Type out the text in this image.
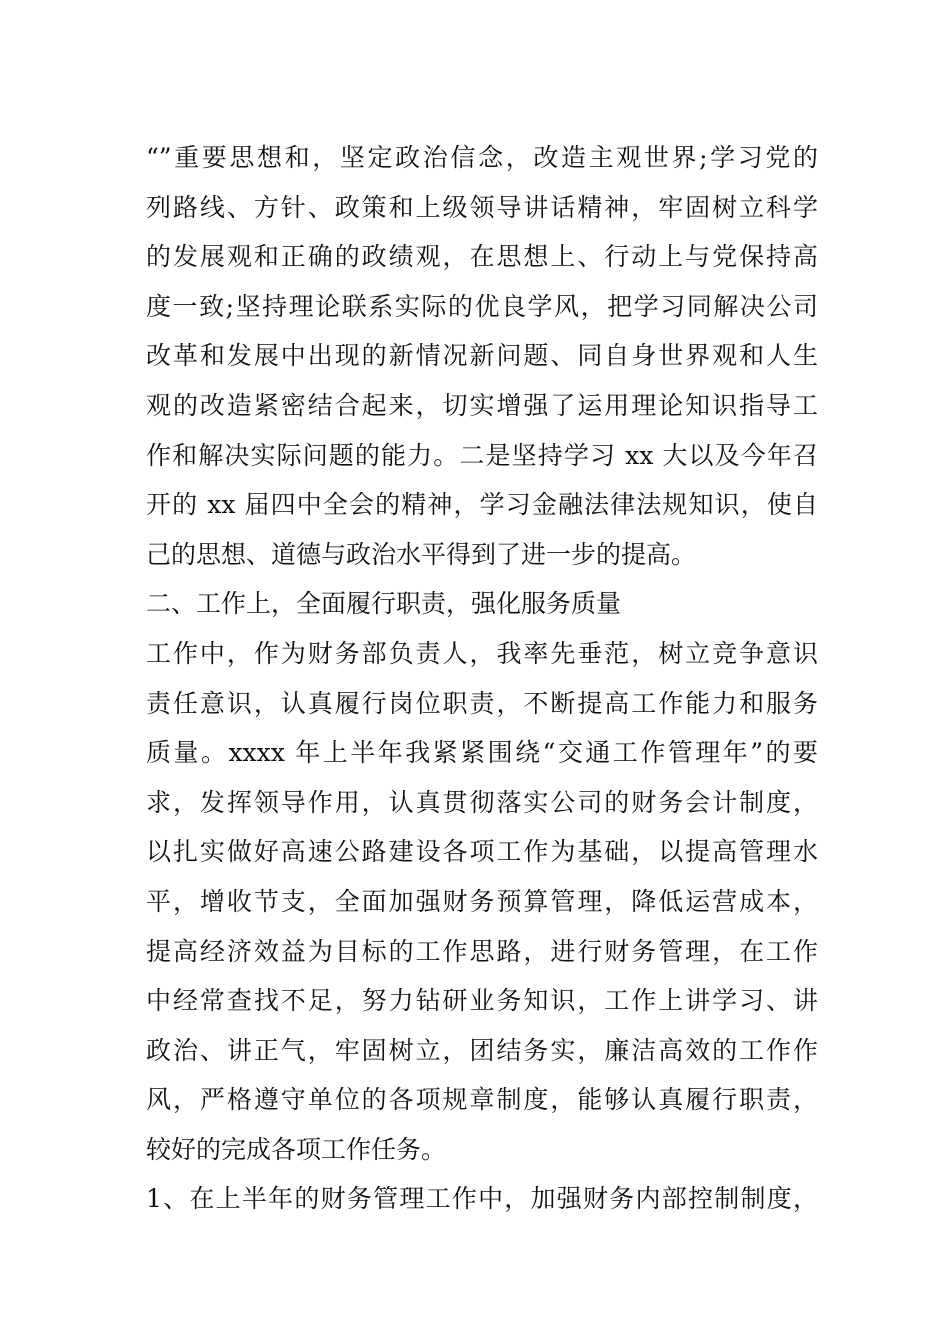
“”重要思想和，坚定政治信念，改造主观世界;学习党的
列路线、方针、政策和上级领导讲话精神，牢固树立科学
的发展观和正确的政绩观，在思想上、行动上与党保持高
度一致;坚持理论联系实际的优良学风，把学习同解决公司
改革和发展中出现的新情况新问题、同自身世界观和人生
观的改造紧密结合起来，切实增强了运用理论知识指导工
作和解决实际问题的能力。二是坚持学习 xx 大以及今年召
开的 xx 届四中全会的精神，学习金融法律法规知识，使自
己的思想、道德与政治水平得到了进一步的提高。
二、工作上，全面履行职责，强化服务质量
工作中，作为财务部负责人，我率先垂范，树立竞争意识
责任意识，认真履行岗位职责，不断提高工作能力和服务
质量。xxxx 年上半年我紧紧围绕“交通工作管理年”的要
求，发挥领导作用，认真贯彻落实公司的财务会计制度，
以扎实做好高速公路建设各项工作为基础，以提高管理水
平，增收节支，全面加强财务预算管理，降低运营成本，
提高经济效益为目标的工作思路，进行财务管理，在工作
中经常查找不足，努力钻研业务知识，工作上讲学习、讲
政治、讲正气，牢固树立，团结务实，廉洁高效的工作作
风，严格遵守单位的各项规章制度，能够认真履行职责，
较好的完成各项工作任务。
1、在上半年的财务管理工作中，加强财务内部控制制度，
